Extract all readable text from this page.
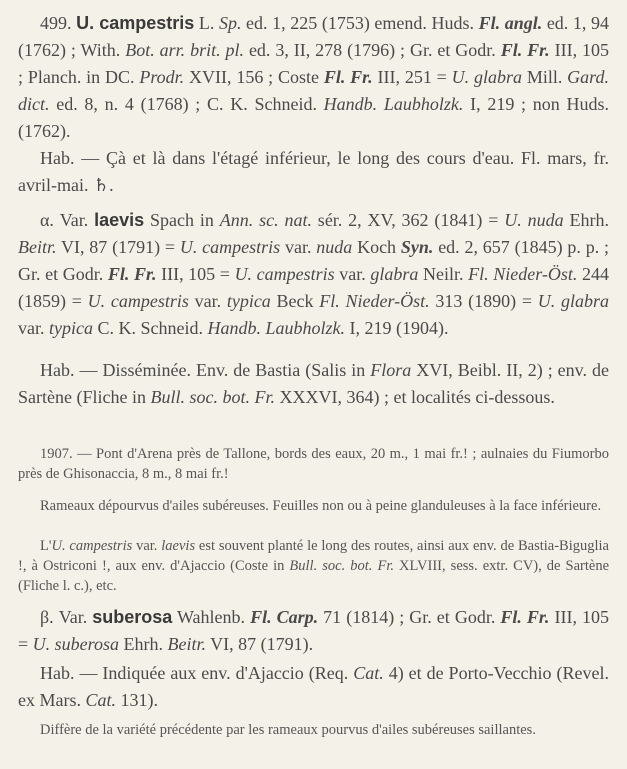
499. U. campestris L. Sp. ed. 1, 225 (1753) emend. Huds. Fl. angl. ed. 1, 94 (1762) ; With. Bot. arr. brit. pl. ed. 3, II, 278 (1796) ; Gr. et Godr. Fl. Fr. III, 105 ; Planch. in DC. Prodr. XVII, 156 ; Coste Fl. Fr. III, 251 = U. glabra Mill. Gard. dict. ed. 8, n. 4 (1768) ; C. K. Schneid. Handb. Laubholzk. I, 219 ; non Huds. (1762).

Hab. — Çà et là dans l'étagé inférieur, le long des cours d'eau. Fl. mars, fr. avril-mai. ♄.

α. Var. laevis Spach in Ann. sc. nat. sér. 2, XV, 362 (1841) = U. nuda Ehrh. Beitr. VI, 87 (1791) = U. campestris var. nuda Koch Syn. ed. 2, 657 (1845) p. p. ; Gr. et Godr. Fl. Fr. III, 105 = U. campestris var. glabra Neilr. Fl. Nieder-Öst. 244 (1859) = U. campestris var. typica Beck Fl. Nieder-Öst. 313 (1890) = U. glabra var. typica C. K. Schneid. Handb. Laubholzk. I, 219 (1904).

Hab. — Disséminée. Env. de Bastia (Salis in Flora XVI, Beibl. II, 2) ; env. de Sartène (Fliche in Bull. soc. bot. Fr. XXXVI, 364) ; et localités ci-dessous.

1907. — Pont d'Arena près de Tallone, bords des eaux, 20 m., 1 mai fr.! ; aulnaies du Fiumorbo près de Ghisonaccia, 8 m., 8 mai fr.!

Rameaux dépourvus d'ailes subéreuses. Feuilles non ou à peine glanduleuses à la face inférieure.

L'U. campestris var. laevis est souvent planté le long des routes, ainsi aux env. de Bastia-Biguglia !, à Ostriconi !, aux env. d'Ajaccio (Coste in Bull. soc. bot. Fr. XLVIII, sess. extr. CV), de Sartène (Fliche l. c.), etc.

β. Var. suberosa Wahlenb. Fl. Carp. 71 (1814) ; Gr. et Godr. Fl. Fr. III, 105 = U. suberosa Ehrh. Beitr. VI, 87 (1791).

Hab. — Indiquée aux env. d'Ajaccio (Req. Cat. 4) et de Porto-Vecchio (Revel. ex Mars. Cat. 131).

Diffère de la variété précédente par les rameaux pourvus d'ailes subéreuses saillantes.
